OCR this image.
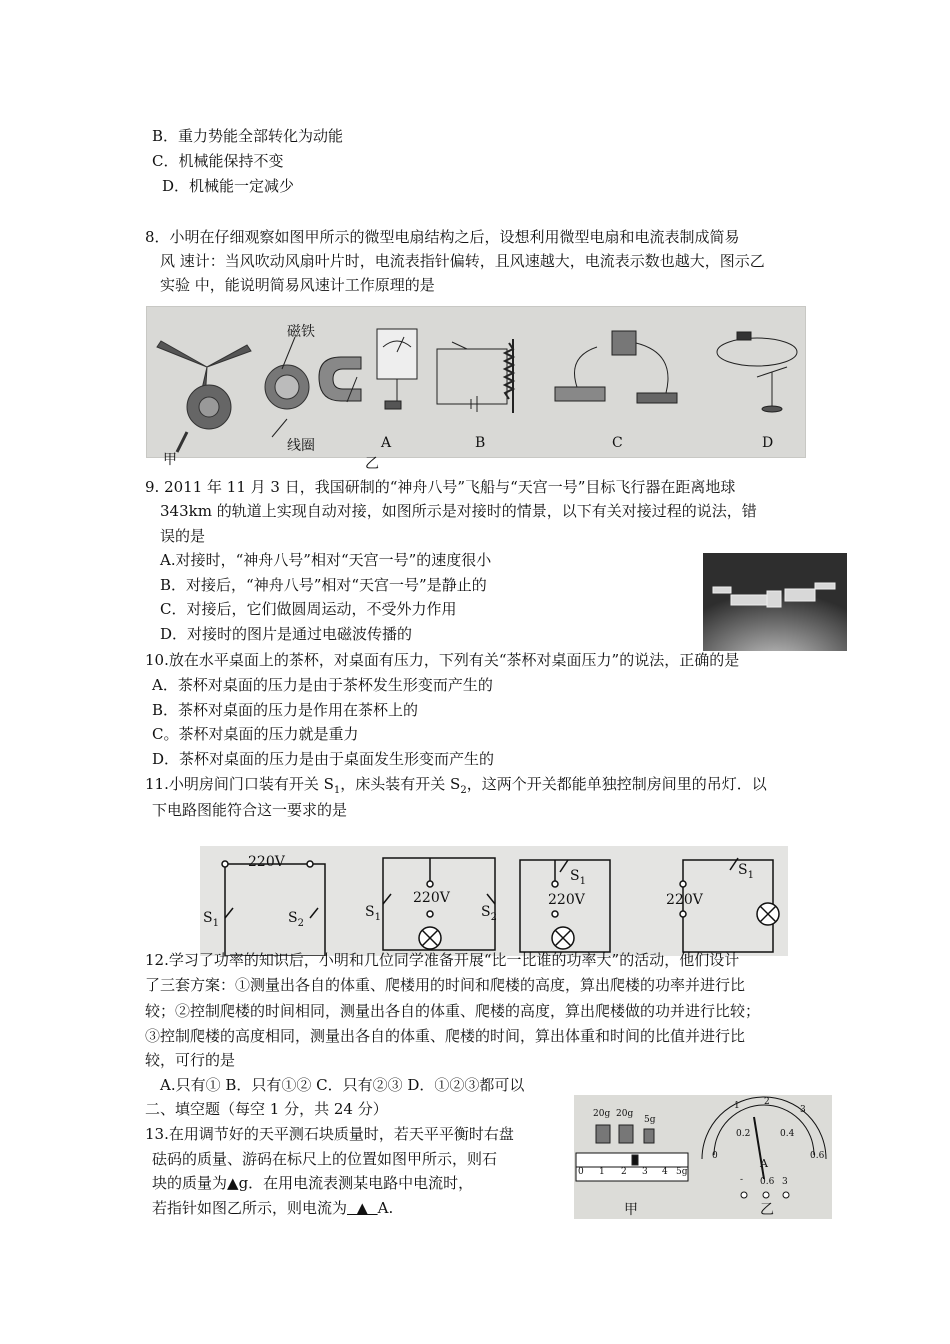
B．重力势能全部转化为动能
C．机械能保持不变
D．机械能一定减少
8．小明在仔细观察如图甲所示的微型电扇结构之后，设想利用微型电扇和电流表制成简易
风 速计：当风吹动风扇叶片时，电流表指针偏转，且风速越大，电流表示数也越大，图示乙
实验 中，能说明简易风速计工作原理的是
磁铁
线圈
甲	乙
A	B	C	D
9. 2011 年 11 月 3 日，我国研制的“神舟八号”飞船与“天宫一号”目标飞行器在距离地球
343km 的轨道上实现自动对接，如图所示是对接时的情景，以下有关对接过程的说法，错
误的是
A.对接时，“神舟八号”相对“天宫一号”的速度很小
B．对接后，“神舟八号”相对“天宫一号”是静止的
C．对接后，它们做圆周运动，不受外力作用
D．对接时的图片是通过电磁波传播的
10.放在水平桌面上的茶杯，对桌面有压力，下列有关“茶杯对桌面压力”的说法，正确的是
A．茶杯对桌面的压力是由于茶杯发生形变而产生的
B．茶杯对桌面的压力是作用在茶杯上的
C。茶杯对桌面的压力就是重力
D．茶杯对桌面的压力是由于桌面发生形变而产生的
11.小明房间门口装有开关 $S_1$，床头装有开关 $S_2$，这两个开关都能单独控制房间里的吊灯．以
下电路图能符合这一要求的是
220V
$S_1$	$S_2$
220V
$S_1$	$S_2$
220V
$S_1$
220V
$S_1$
12.学习了功率的知识后，小明和几位同学准备开展“比一比谁的功率大”的活动，他们设计
了三套方案：①测量出各自的体重、爬楼用的时间和爬楼的高度，算出爬楼的功率并进行比
较；②控制爬楼的时间相同，测量出各自的体重、爬楼的高度，算出爬楼做的功并进行比较；
③控制爬楼的高度相同，测量出各自的体重、爬楼的时间，算出体重和时间的比值并进行比
较，可行的是
A.只有① B．只有①② C．只有②③ D．①②③都可以
二、填空题（每空 1 分，共 24 分）
13.在用调节好的天平测石块质量时，若天平平衡时右盘
砝码的质量、游码在标尺上的位置如图甲所示，则石
块的质量为▲g．在用电流表测某电路中电流时，
若指针如图乙所示，则电流为  ▲  A.
20g 20g
5g
0 1 2 3 4 5g
0
0.2	0.4
0.6
1	2
3
A
- 0.6 3
甲	乙
